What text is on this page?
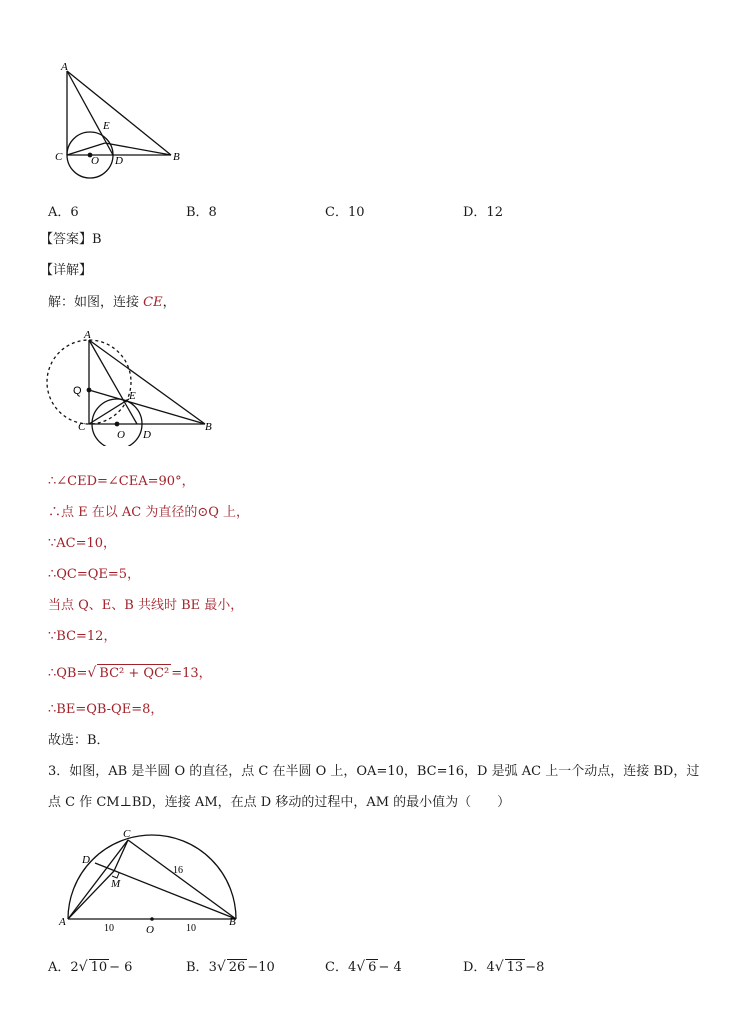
A
E
C	O D	B
A．6	B．8	C．10	D．12
【答案】B
【详解】
解：如图，连接 CE，
A
Q	E
C
O D
B
∴∠CED=∠CEA=90°，
∴点 E 在以 AC 为直径的⊙Q 上，
∵AC=10，
∴QC=QE=5，
当点 Q、E、B 共线时 BE 最小，
∵BC=12，
∴QB=√ BC² + QC² =13，
∴BE=QB-QE=8，
故选：B．
3．如图，AB 是半圆 O 的直径，点 C 在半圆 O 上，OA=10，BC=16，D 是弧 AC 上一个动点，连接 BD，过
点 C 作 CM⊥BD，连接 AM，在点 D 移动的过程中，AM 的最小值为（　　）
C
D
M
16
A	B
10	O	10
A．2√ 10 − 6	B．3√ 26 −10	C．4√ 6 − 4	D．4√ 13 −8
